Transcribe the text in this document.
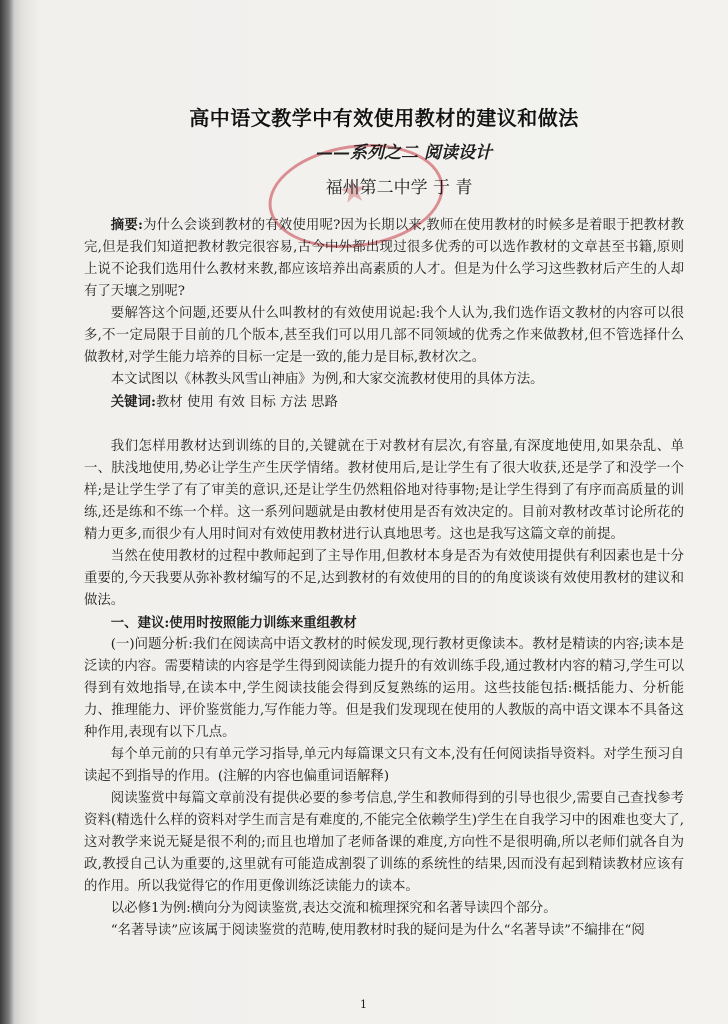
高中语文教学中有效使用教材的建议和做法
——系列之二 阅读设计
福州第二中学 于 青

摘要:为什么会谈到教材的有效使用呢?因为长期以来,教师在使用教材的时候多是着眼于把教材教完,但是我们知道把教材教完很容易,古今中外都出现过很多优秀的可以选作教材的文章甚至书籍,原则上说不论我们选用什么教材来教,都应该培养出高素质的人才。但是为什么学习这些教材后产生的人却有了天壤之别呢?

要解答这个问题,还要从什么叫教材的有效使用说起:我个人认为,我们选作语文教材的内容可以很多,不一定局限于目前的几个版本,甚至我们可以用几部不同领域的优秀之作来做教材,但不管选择什么做教材,对学生能力培养的目标一定是一致的,能力是目标,教材次之。

本文试图以《林教头风雪山神庙》为例,和大家交流教材使用的具体方法。

关键词:教材 使用 有效 目标 方法 思路

我们怎样用教材达到训练的目的,关键就在于对教材有层次,有容量,有深度地使用,如果杂乱、单一、肤浅地使用,势必让学生产生厌学情绪。教材使用后,是让学生有了很大收获,还是学了和没学一个样;是让学生学了有了审美的意识,还是让学生仍然粗俗地对待事物;是让学生得到了有序而高质量的训练,还是练和不练一个样。这一系列问题就是由教材使用是否有效决定的。目前对教材改革讨论所花的精力更多,而很少有人用时间对有效使用教材进行认真地思考。这也是我写这篇文章的前提。

当然在使用教材的过程中教师起到了主导作用,但教材本身是否为有效使用提供有利因素也是十分重要的,今天我要从弥补教材编写的不足,达到教材的有效使用的目的的角度谈谈有效使用教材的建议和做法。

一、建议:使用时按照能力训练来重组教材

(一)问题分析:我们在阅读高中语文教材的时候发现,现行教材更像读本。教材是精读的内容;读本是泛读的内容。需要精读的内容是学生得到阅读能力提升的有效训练手段,通过教材内容的精习,学生可以得到有效地指导,在读本中,学生阅读技能会得到反复熟练的运用。这些技能包括:概括能力、分析能力、推理能力、评价鉴赏能力,写作能力等。但是我们发现现在使用的人教版的高中语文课本不具备这种作用,表现有以下几点。

每个单元前的只有单元学习指导,单元内每篇课文只有文本,没有任何阅读指导资料。对学生预习自读起不到指导的作用。(注解的内容也偏重词语解释)

阅读鉴赏中每篇文章前没有提供必要的参考信息,学生和教师得到的引导也很少,需要自己查找参考资料(精选什么样的资料对学生而言是有难度的,不能完全依赖学生)学生在自我学习中的困难也变大了,这对教学来说无疑是很不利的;而且也增加了老师备课的难度,方向性不是很明确,所以老师们就各自为政,教授自己认为重要的,这里就有可能造成割裂了训练的系统性的结果,因而没有起到精读教材应该有的作用。所以我觉得它的作用更像训练泛读能力的读本。

以必修1为例:横向分为阅读鉴赏,表达交流和梳理探究和名著导读四个部分。

“名著导读”应该属于阅读鉴赏的范畴,使用教材时我的疑问是为什么“名著导读”不编排在“阅

1
